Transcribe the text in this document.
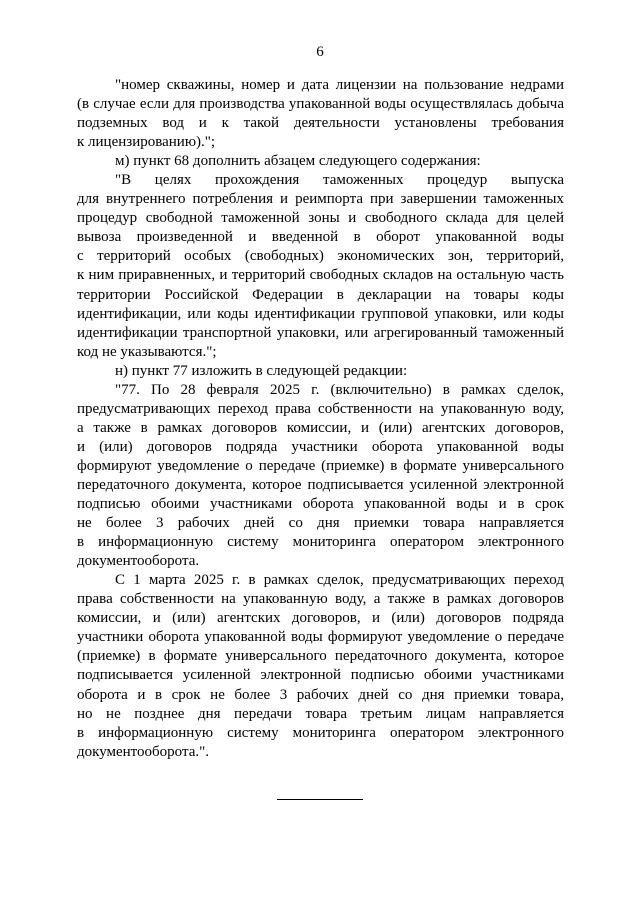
6
"номер скважины, номер и дата лицензии на пользование недрами
(в случае если для производства упакованной воды осуществлялась добыча
подземных вод и к такой деятельности установлены требования
к лицензированию).";
м) пункт 68 дополнить абзацем следующего содержания:
"В целях прохождения таможенных процедур выпуска
для внутреннего потребления и реимпорта при завершении таможенных
процедур свободной таможенной зоны и свободного склада для целей
вывоза произведенной и введенной в оборот упакованной воды
с территорий особых (свободных) экономических зон, территорий,
к ним приравненных, и территорий свободных складов на остальную часть
территории Российской Федерации в декларации на товары коды
идентификации, или коды идентификации групповой упаковки, или коды
идентификации транспортной упаковки, или агрегированный таможенный
код не указываются.";
н) пункт 77 изложить в следующей редакции:
"77. По 28 февраля 2025 г. (включительно) в рамках сделок,
предусматривающих переход права собственности на упакованную воду,
а также в рамках договоров комиссии, и (или) агентских договоров,
и (или) договоров подряда участники оборота упакованной воды
формируют уведомление о передаче (приемке) в формате универсального
передаточного документа, которое подписывается усиленной электронной
подписью обоими участниками оборота упакованной воды и в срок
не более 3 рабочих дней со дня приемки товара направляется
в информационную систему мониторинга оператором электронного
документооборота.
С 1 марта 2025 г. в рамках сделок, предусматривающих переход
права собственности на упакованную воду, а также в рамках договоров
комиссии, и (или) агентских договоров, и (или) договоров подряда
участники оборота упакованной воды формируют уведомление о передаче
(приемке) в формате универсального передаточного документа, которое
подписывается усиленной электронной подписью обоими участниками
оборота и в срок не более 3 рабочих дней со дня приемки товара,
но не позднее дня передачи товара третьим лицам направляется
в информационную систему мониторинга оператором электронного
документооборота.".
